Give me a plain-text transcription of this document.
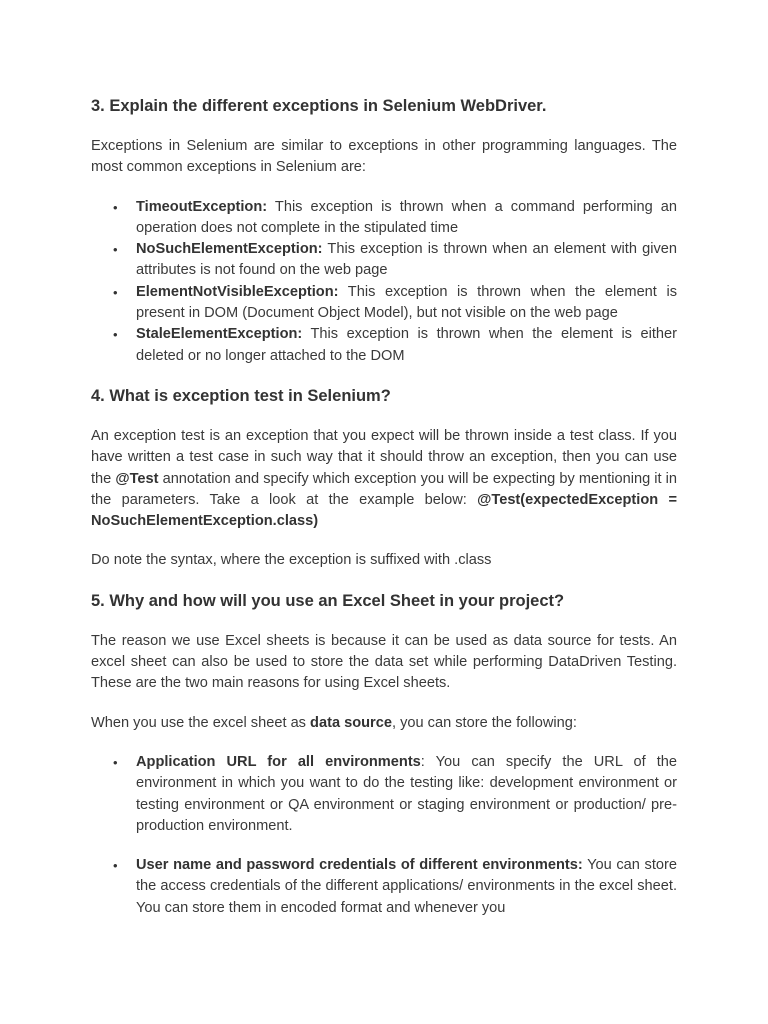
3. Explain the different exceptions in Selenium WebDriver.

Exceptions in Selenium are similar to exceptions in other programming languages. The most common exceptions in Selenium are:

• TimeoutException: This exception is thrown when a command performing an operation does not complete in the stipulated time
• NoSuchElementException: This exception is thrown when an element with given attributes is not found on the web page
• ElementNotVisibleException: This exception is thrown when the element is present in DOM (Document Object Model), but not visible on the web page
• StaleElementException: This exception is thrown when the element is either deleted or no longer attached to the DOM
4. What is exception test in Selenium?

An exception test is an exception that you expect will be thrown inside a test class. If you have written a test case in such way that it should throw an exception, then you can use the @Test annotation and specify which exception you will be expecting by mentioning it in the parameters. Take a look at the example below: @Test(expectedException = NoSuchElementException.class)

Do note the syntax, where the exception is suffixed with .class

5. Why and how will you use an Excel Sheet in your project?

The reason we use Excel sheets is because it can be used as data source for tests. An excel sheet can also be used to store the data set while performing DataDriven Testing. These are the two main reasons for using Excel sheets.

When you use the excel sheet as data source, you can store the following:

• Application URL for all environments: You can specify the URL of the environment in which you want to do the testing like: development environment or testing environment or QA environment or staging environment or production/ pre-production environment.
• User name and password credentials of different environments: You can store the access credentials of the different applications/ environments in the excel sheet. You can store them in encoded format and whenever you
